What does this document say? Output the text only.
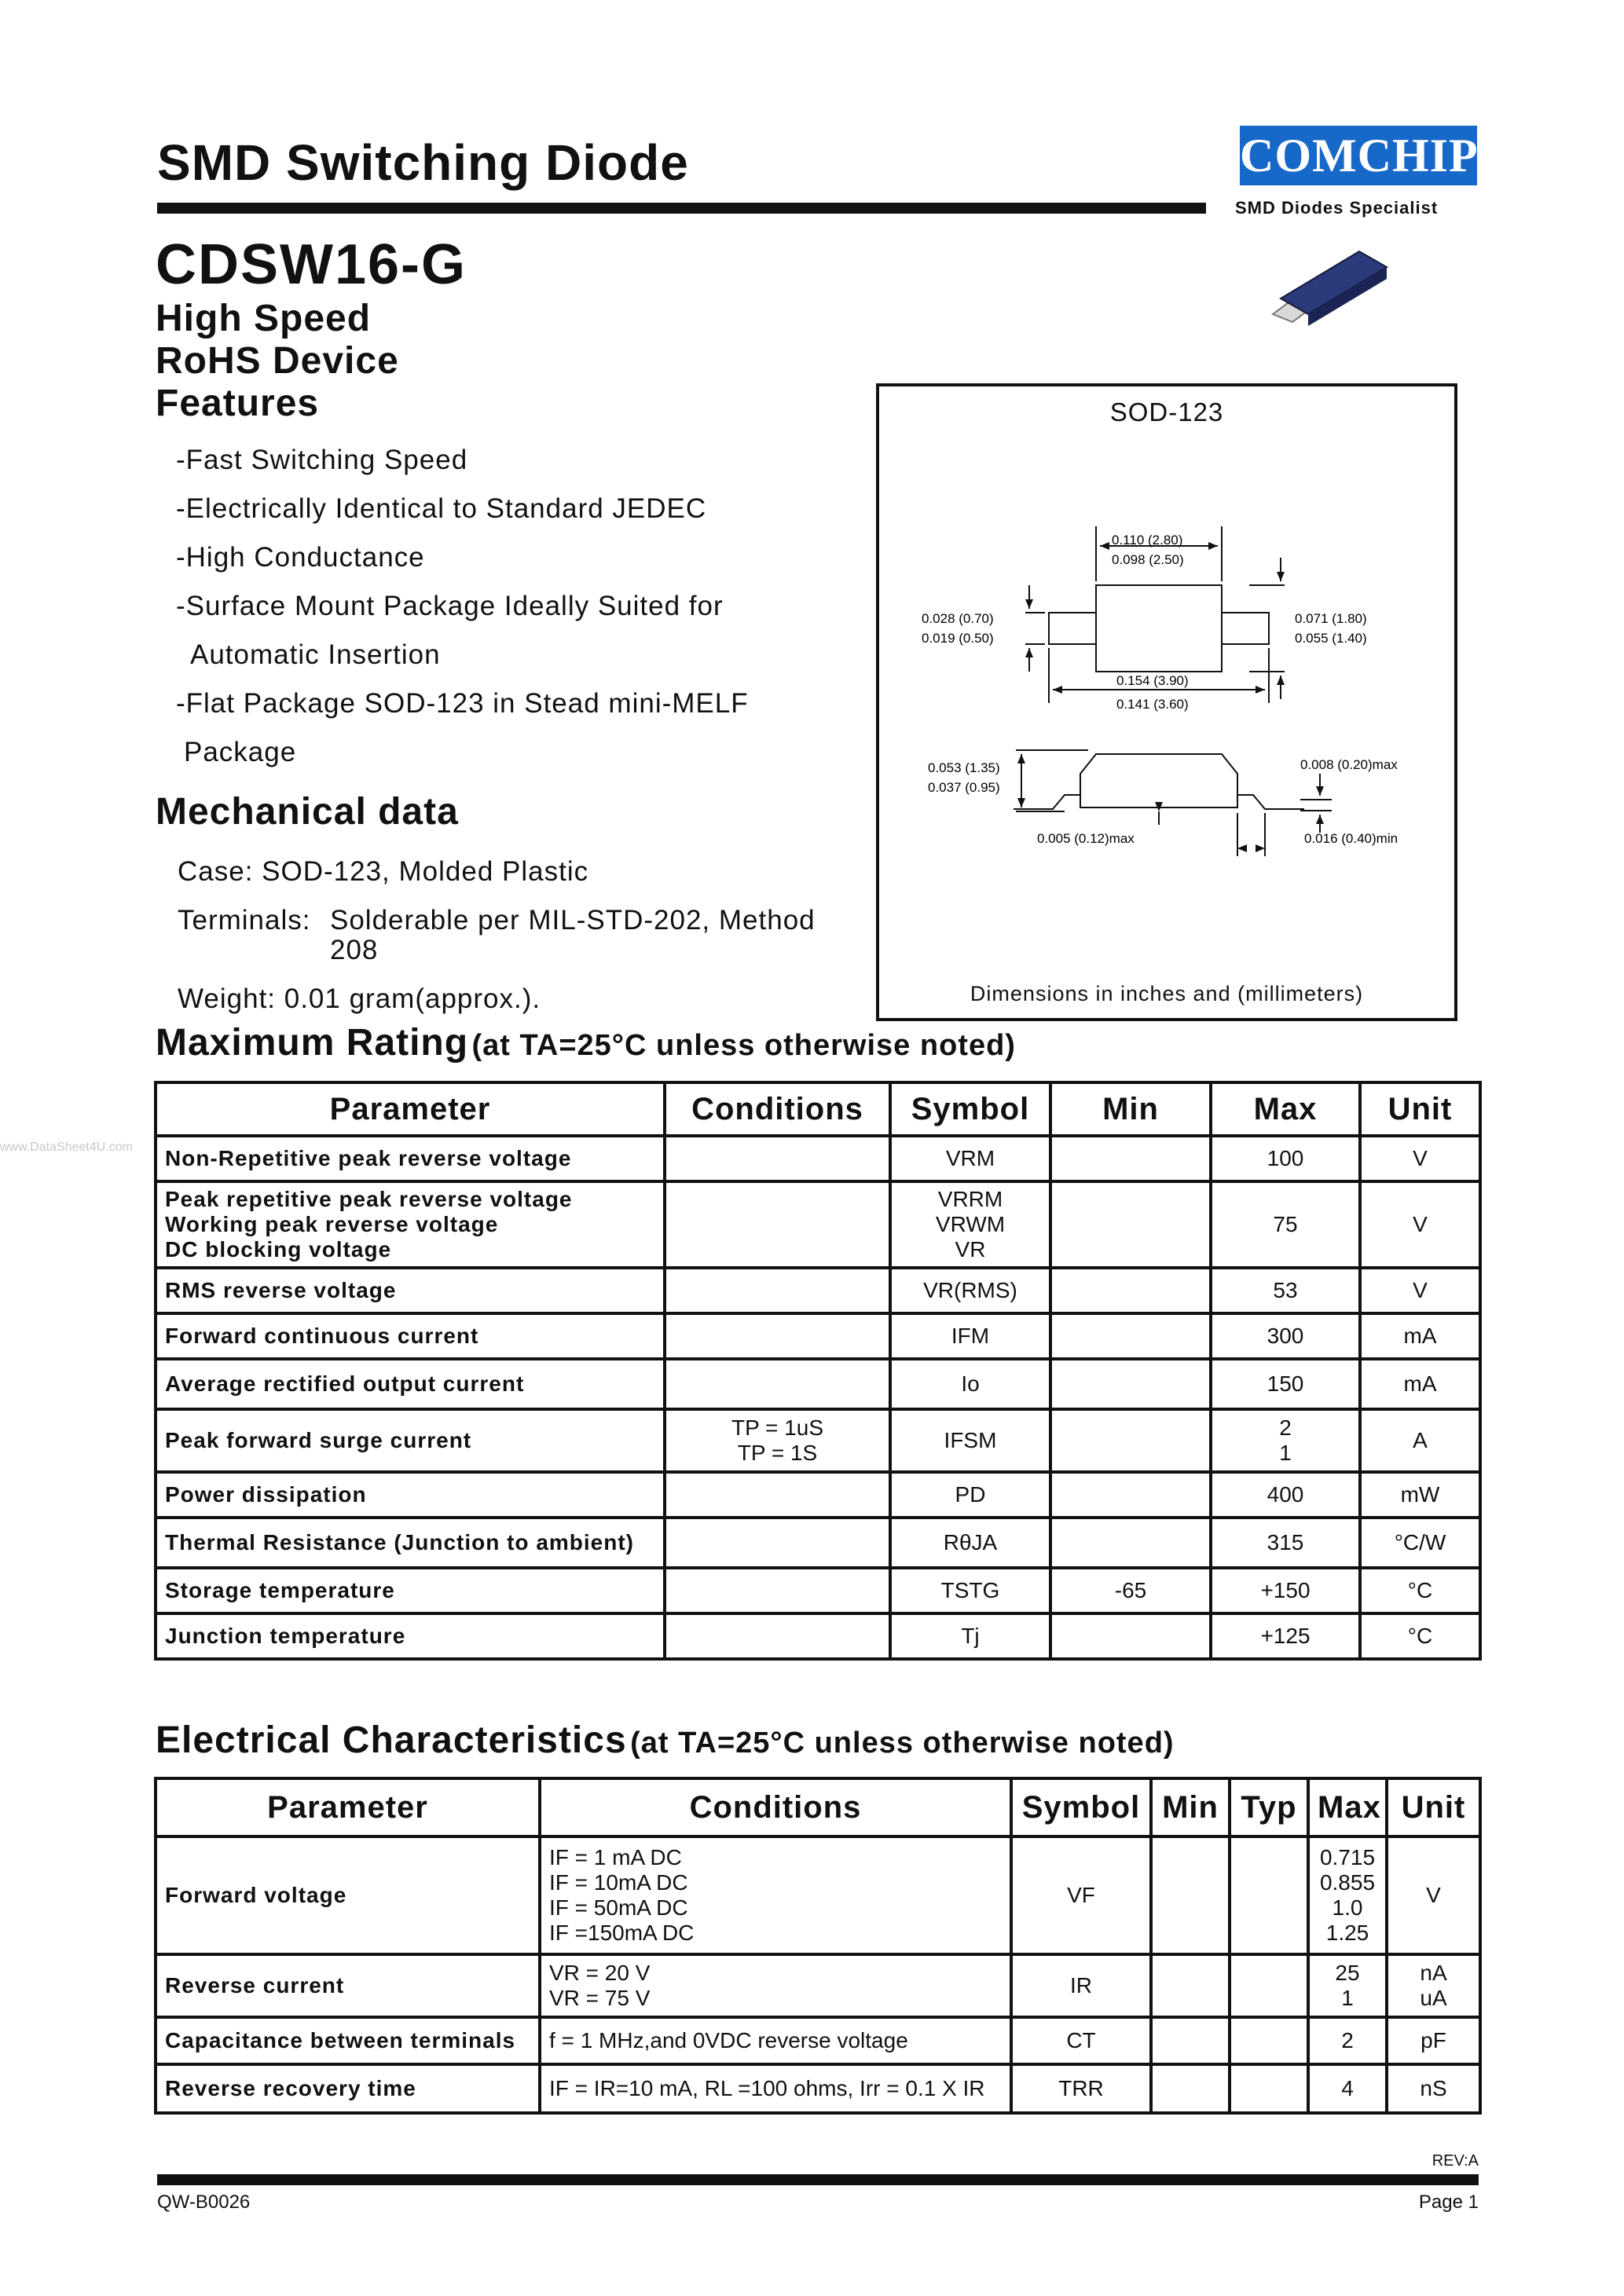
SMD Switching Diode	COMCHIP
SMD Diodes Specialist
CDSW16-G
High Speed
RoHS Device
Features
-Fast Switching Speed
-Electrically Identical to Standard JEDEC
-High Conductance
-Surface Mount Package Ideally Suited for
Automatic Insertion
-Flat Package SOD-123 in Stead mini-MELF
Package
Mechanical data
Case: SOD-123, Molded Plastic
Terminals: Solderable per MIL-STD-202, Method
208
Weight: 0.01 gram(approx.).
SOD-123
0.110 (2.80)
0.098 (2.50)
0.028 (0.70)
0.019 (0.50)
0.071 (1.80)
0.055 (1.40)
0.154 (3.90)
0.141 (3.60)
0.053 (1.35)
0.037 (0.95)
0.008 (0.20)max
0.005 (0.12)max	0.016 (0.40)min
Dimensions in inches and (millimeters)
www.DataSheet4U.com
Maximum Rating (at TA=25°C unless otherwise noted)
Parameter	Conditions	Symbol	Min	Max	Unit

Non-Repetitive peak reverse voltage		VRM		100	V

Peak repetitive peak reverse voltage
Working peak reverse voltage
DC blocking voltage		VRRM
VRWM
VR		75	V

RMS reverse voltage		VR(RMS)		53	V

Forward continuous current		IFM		300	mA

Average rectified output current		Io		150	mA

Peak forward surge current	TP = 1uS
TP = 1S	IFSM		2
1	A

Power dissipation		PD		400	mW

Thermal Resistance (Junction to ambient)		RθJA		315	°C/W

Storage temperature		TSTG	-65	+150	°C

Junction temperature		Tj		+125	°C
Electrical Characteristics (at TA=25°C unless otherwise noted)
Parameter	Conditions	Symbol	Min	Typ	Max	Unit

Forward voltage	IF = 1 mA DC
IF = 10mA DC
IF = 50mA DC
IF =150mA DC	VF			0.715
0.855
1.0
1.25	V

Reverse current	VR = 20 V
VR = 75 V	IR			25
1	nA
uA

Capacitance between terminals	f = 1 MHz,and 0VDC reverse voltage	CT			2	pF

Reverse recovery time	IF = IR=10 mA, RL =100 ohms, Irr = 0.1 X IR	TRR			4	nS
REV:A
QW-B0026	Page 1
